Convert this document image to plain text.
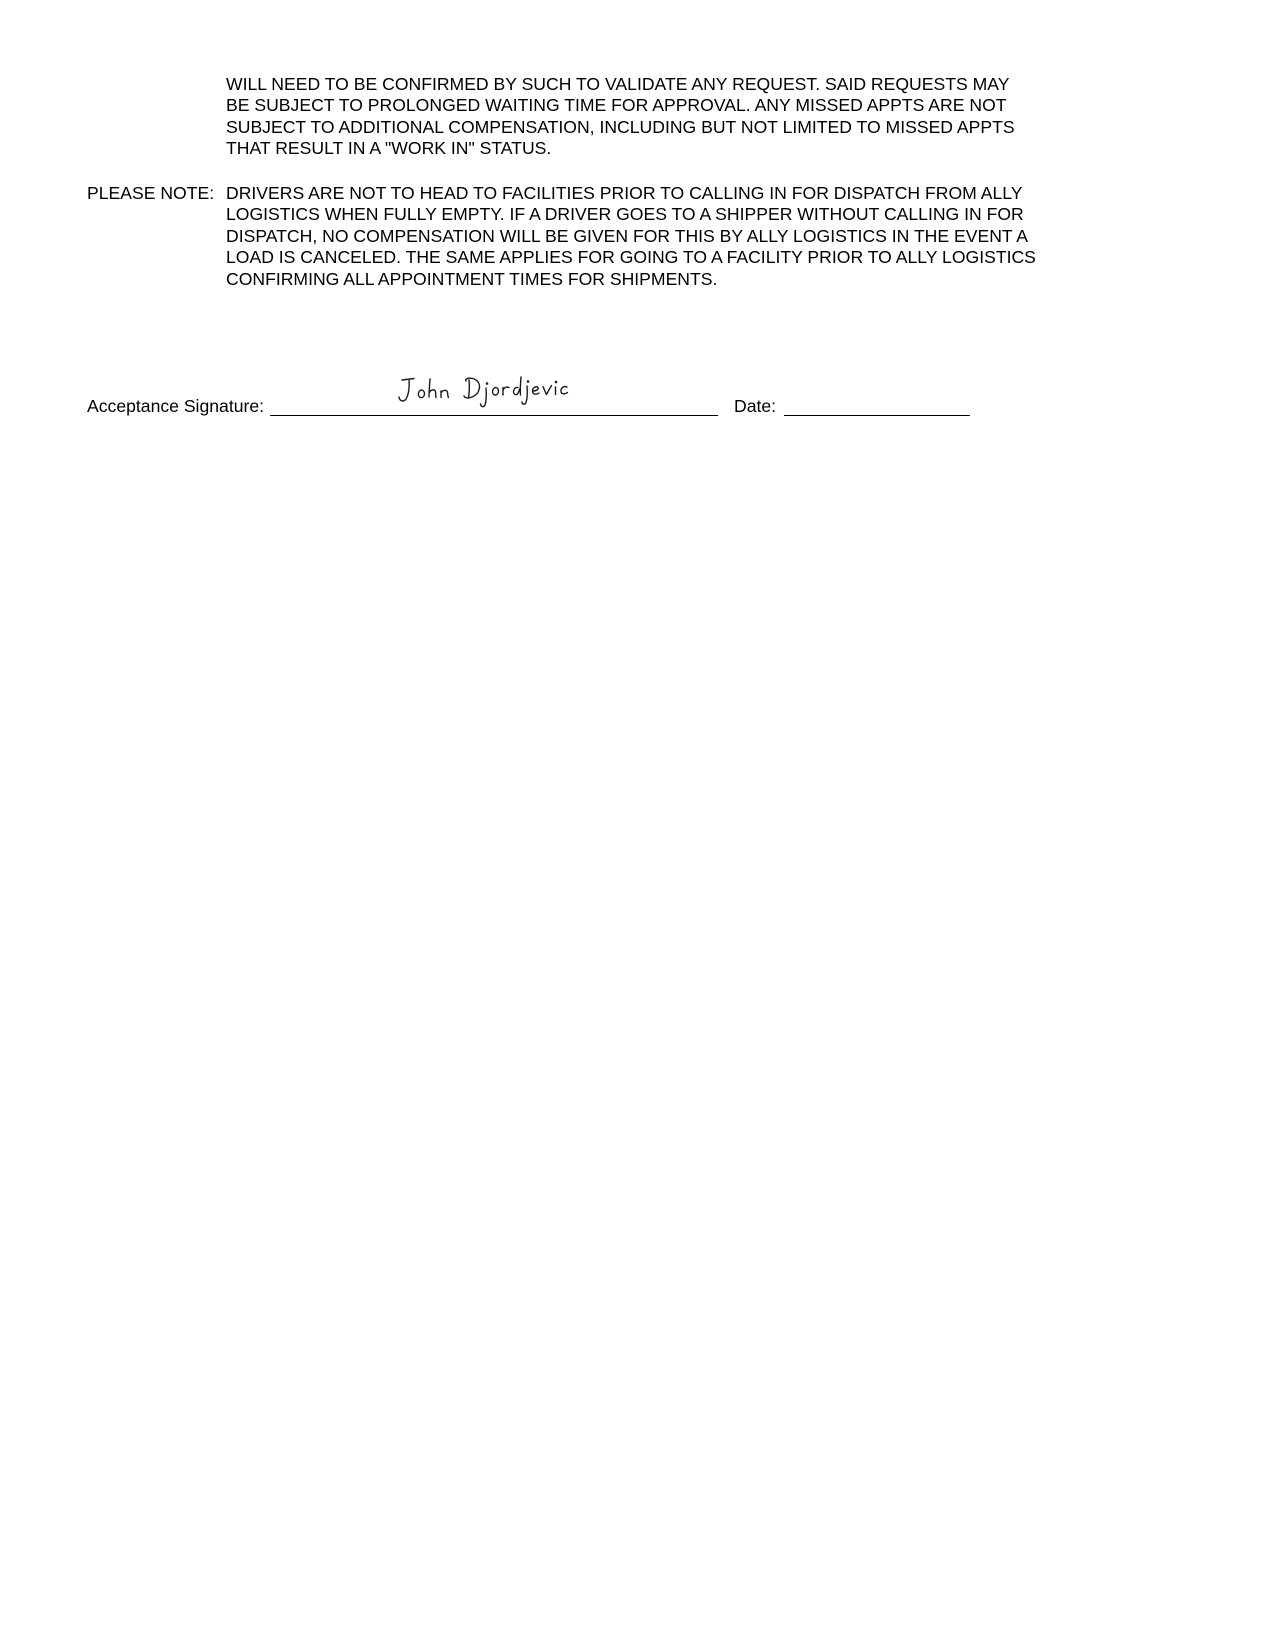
WILL NEED TO BE CONFIRMED BY SUCH TO VALIDATE ANY REQUEST. SAID REQUESTS MAY
BE SUBJECT TO PROLONGED WAITING TIME FOR APPROVAL. ANY MISSED APPTS ARE NOT
SUBJECT TO ADDITIONAL COMPENSATION, INCLUDING BUT NOT LIMITED TO MISSED APPTS
THAT RESULT IN A "WORK IN" STATUS.
PLEASE NOTE: DRIVERS ARE NOT TO HEAD TO FACILITIES PRIOR TO CALLING IN FOR DISPATCH FROM ALLY
LOGISTICS WHEN FULLY EMPTY. IF A DRIVER GOES TO A SHIPPER WITHOUT CALLING IN FOR
DISPATCH, NO COMPENSATION WILL BE GIVEN FOR THIS BY ALLY LOGISTICS IN THE EVENT A
LOAD IS CANCELED. THE SAME APPLIES FOR GOING TO A FACILITY PRIOR TO ALLY LOGISTICS
CONFIRMING ALL APPOINTMENT TIMES FOR SHIPMENTS.
Acceptance Signature:	Date:
